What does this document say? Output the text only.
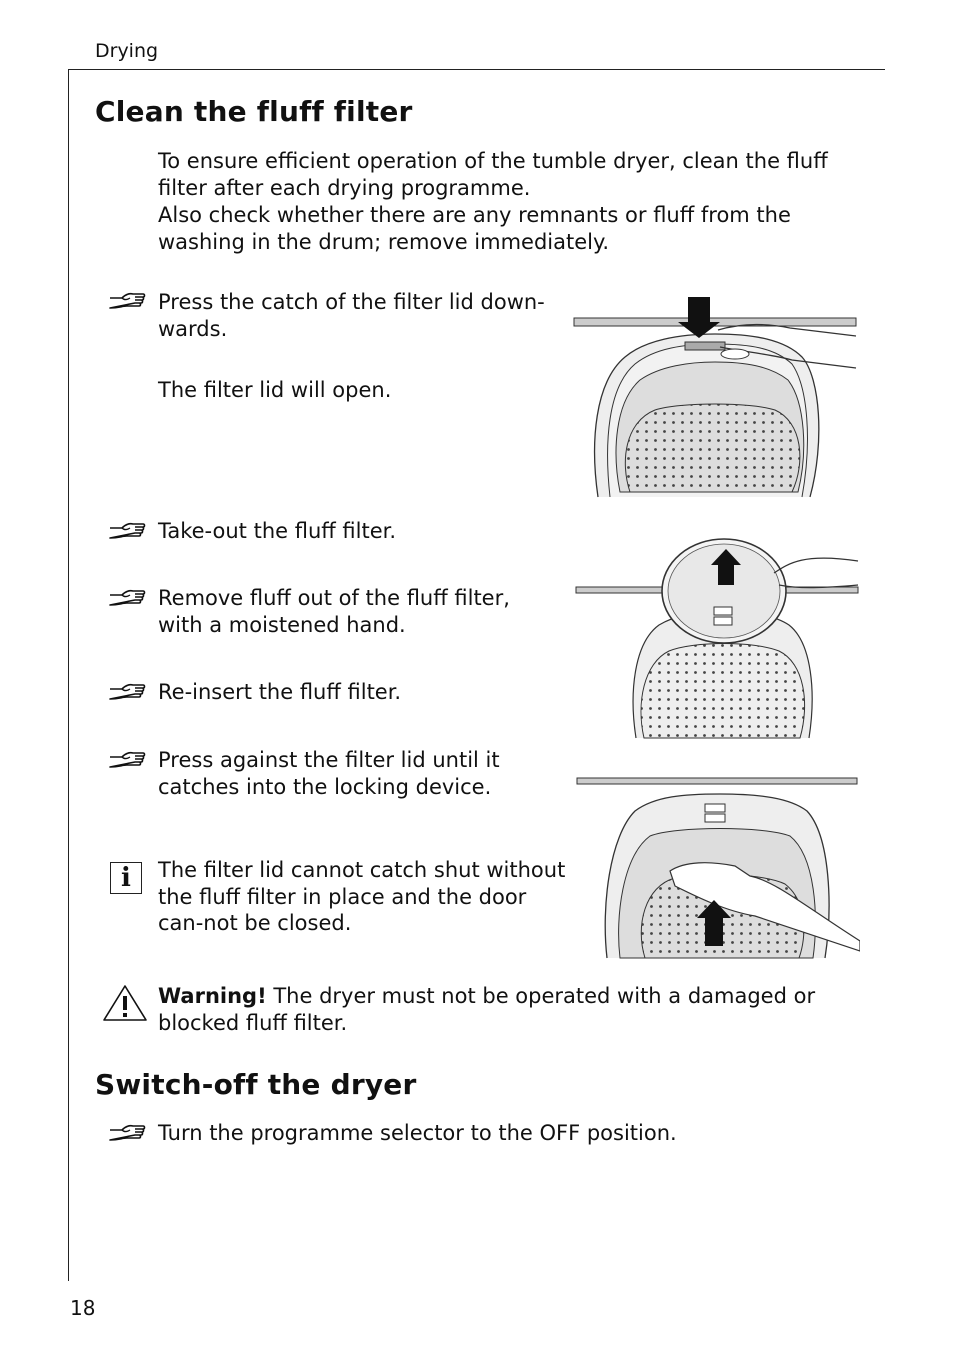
Drying
Clean the fluff filter
To ensure efficient operation of the tumble dryer, clean the fluff filter after each drying programme.
Also check whether there are any remnants or fluff from the washing in the drum; remove immediately.
Press the catch of the filter lid down-wards.
The filter lid will open.
Take-out the fluff filter.
Remove fluff out of the fluff filter, with a moistened hand.
Re-insert the fluff filter.
Press against the filter lid until it catches into the locking device.
i	The filter lid cannot catch shut without the fluff filter in place and the door can-not be closed.
Warning! The dryer must not be operated with a damaged or blocked fluff filter.
Switch-off the dryer
Turn the programme selector to the OFF position.
18
